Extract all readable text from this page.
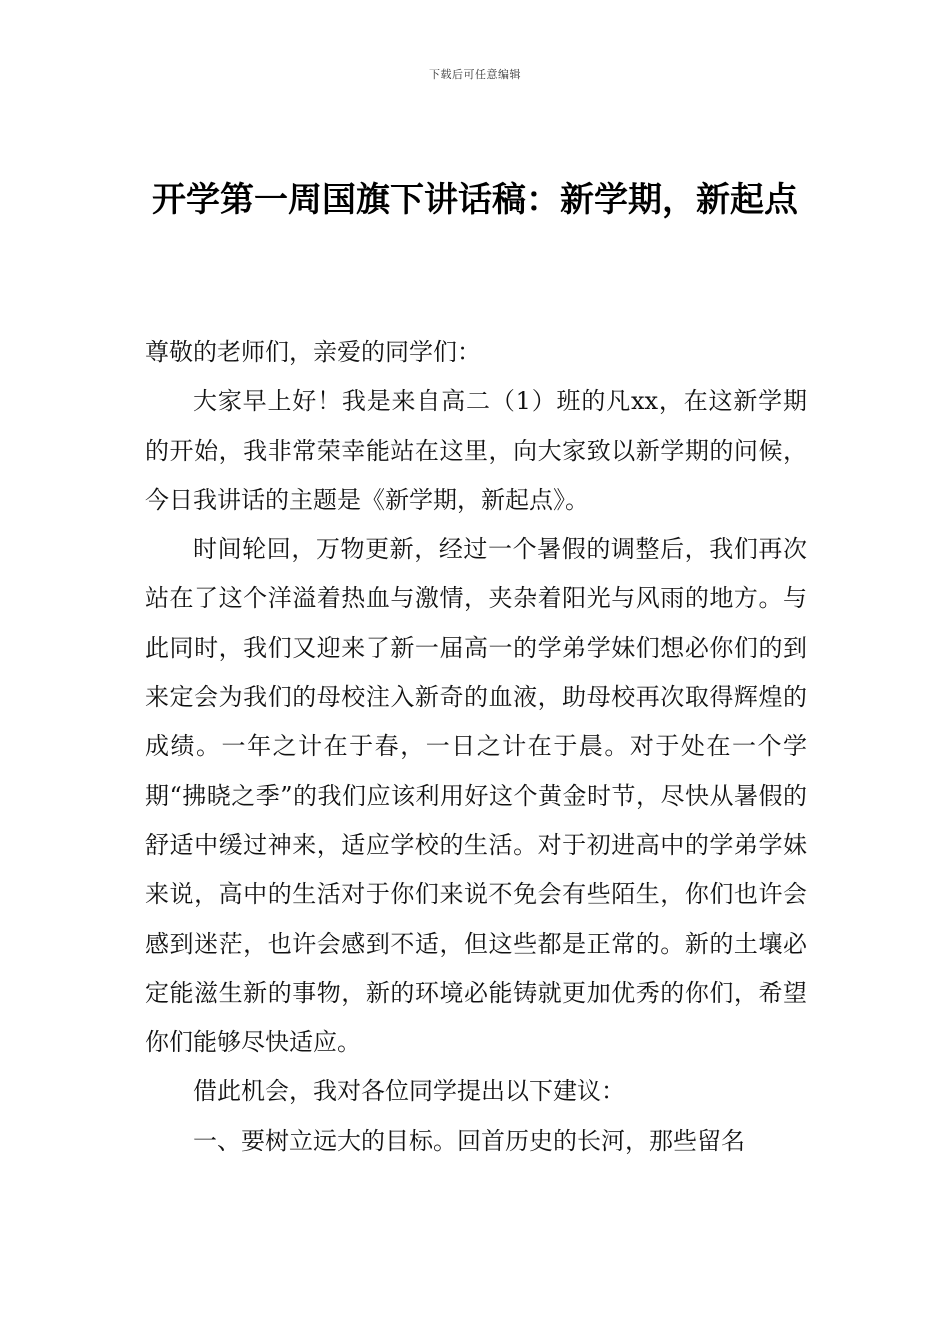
下载后可任意编辑
开学第一周国旗下讲话稿：新学期，新起点

尊敬的老师们，亲爱的同学们：

大家早上好！我是来自高二（1）班的凡xx，在这新学期的开始，我非常荣幸能站在这里，向大家致以新学期的问候，今日我讲话的主题是《新学期，新起点》。

时间轮回，万物更新，经过一个暑假的调整后，我们再次站在了这个洋溢着热血与激情，夹杂着阳光与风雨的地方。与此同时，我们又迎来了新一届高一的学弟学妹们想必你们的到来定会为我们的母校注入新奇的血液，助母校再次取得辉煌的成绩。一年之计在于春，一日之计在于晨。对于处在一个学期“拂晓之季”的我们应该利用好这个黄金时节，尽快从暑假的舒适中缓过神来，适应学校的生活。对于初进高中的学弟学妹来说，高中的生活对于你们来说不免会有些陌生，你们也许会感到迷茫，也许会感到不适，但这些都是正常的。新的土壤必定能滋生新的事物，新的环境必能铸就更加优秀的你们，希望你们能够尽快适应。

借此机会，我对各位同学提出以下建议：

一、要树立远大的目标。回首历史的长河，那些留名
